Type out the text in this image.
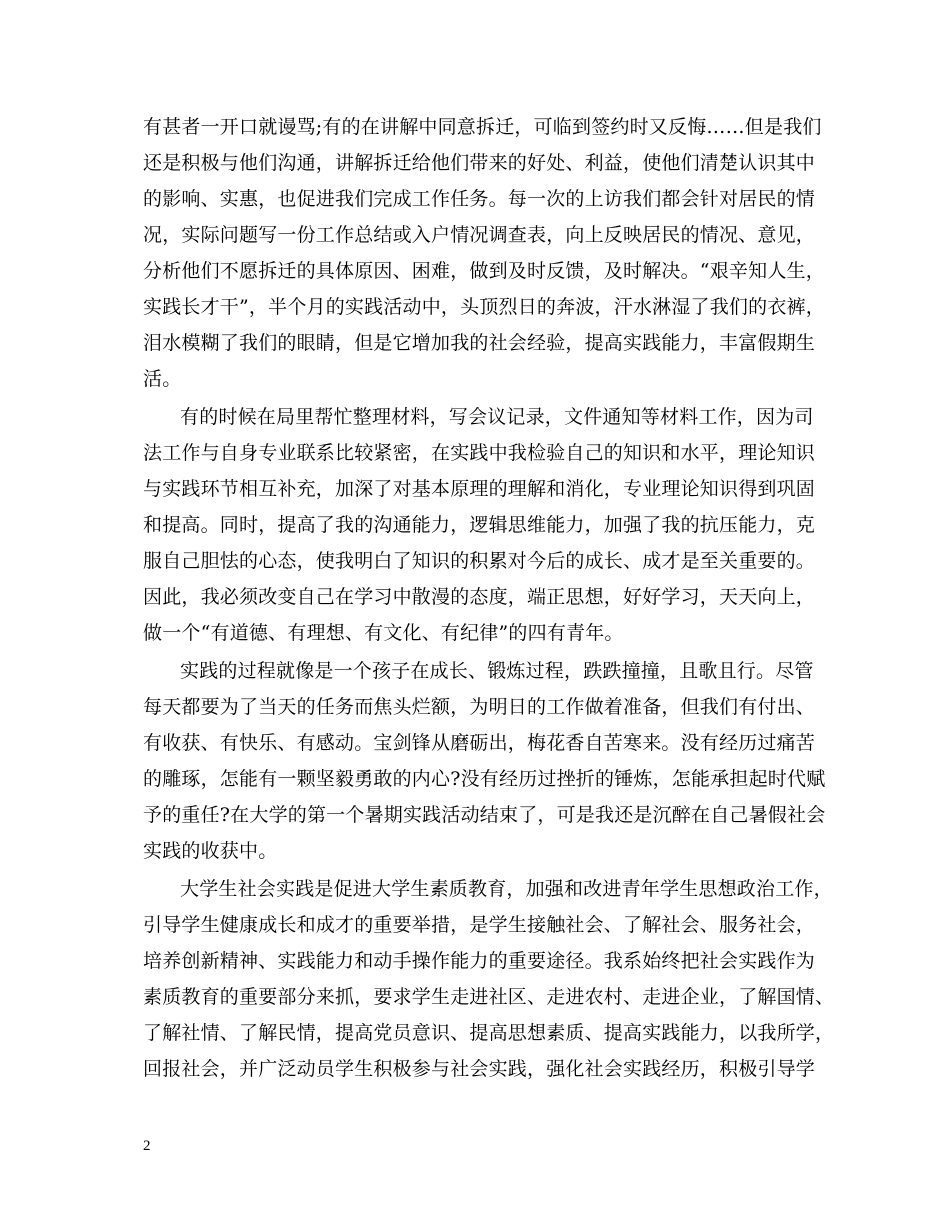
有甚者一开口就谩骂;有的在讲解中同意拆迁，可临到签约时又反悔……但是我们
还是积极与他们沟通，讲解拆迁给他们带来的好处、利益，使他们清楚认识其中
的影响、实惠，也促进我们完成工作任务。每一次的上访我们都会针对居民的情
况，实际问题写一份工作总结或入户情况调查表，向上反映居民的情况、意见，
分析他们不愿拆迁的具体原因、困难，做到及时反馈，及时解决。“艰辛知人生，
实践长才干”，半个月的实践活动中，头顶烈日的奔波，汗水淋湿了我们的衣裤，
泪水模糊了我们的眼睛，但是它增加我的社会经验，提高实践能力，丰富假期生
活。
有的时候在局里帮忙整理材料，写会议记录，文件通知等材料工作，因为司
法工作与自身专业联系比较紧密，在实践中我检验自己的知识和水平，理论知识
与实践环节相互补充，加深了对基本原理的理解和消化，专业理论知识得到巩固
和提高。同时，提高了我的沟通能力，逻辑思维能力，加强了我的抗压能力，克
服自己胆怯的心态，使我明白了知识的积累对今后的成长、成才是至关重要的。
因此，我必须改变自己在学习中散漫的态度，端正思想，好好学习，天天向上，
做一个“有道德、有理想、有文化、有纪律”的四有青年。
实践的过程就像是一个孩子在成长、锻炼过程，跌跌撞撞，且歌且行。尽管
每天都要为了当天的任务而焦头烂额，为明日的工作做着准备，但我们有付出、
有收获、有快乐、有感动。宝剑锋从磨砺出，梅花香自苦寒来。没有经历过痛苦
的雕琢，怎能有一颗坚毅勇敢的内心?没有经历过挫折的锤炼，怎能承担起时代赋
予的重任?在大学的第一个暑期实践活动结束了，可是我还是沉醉在自己暑假社会
实践的收获中。
大学生社会实践是促进大学生素质教育，加强和改进青年学生思想政治工作，
引导学生健康成长和成才的重要举措，是学生接触社会、了解社会、服务社会，
培养创新精神、实践能力和动手操作能力的重要途径。我系始终把社会实践作为
素质教育的重要部分来抓，要求学生走进社区、走进农村、走进企业，了解国情、
了解社情、了解民情，提高党员意识、提高思想素质、提高实践能力，以我所学，
回报社会，并广泛动员学生积极参与社会实践，强化社会实践经历，积极引导学
2
